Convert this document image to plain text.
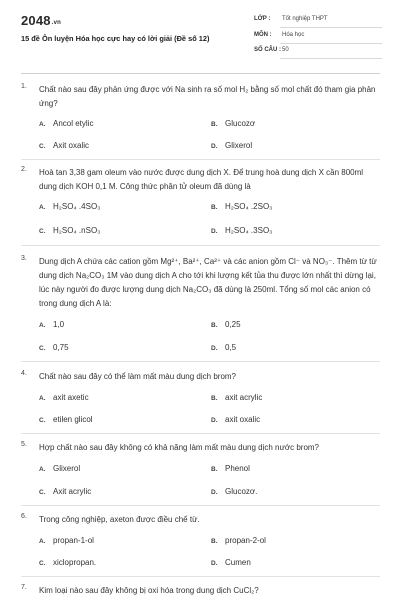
2048.vn
15 đề Ôn luyện Hóa học cực hay có lời giải (Đề số 12)
LỚP : Tốt nghiệp THPT
MÔN : Hóa học
SỐ CÂU : 50
1. Chất nào sau đây phản ứng được với Na sinh ra số mol H₂ bằng số mol chất đó tham gia phản ứng?
A. Ancol etylic	B. Glucozơ
C. Axit oxalic	D. Glixerol
2. Hoà tan 3,38 gam oleum vào nước được dung dịch X. Để trung hoà dung dịch X cần 800ml dung dịch KOH 0,1 M. Công thức phân tử oleum đã dùng là
A. H₂SO₄ .4SO₃	B. H₂SO₄ .2SO₃
C. H₂SO₄ .nSO₃	D. H₂SO₄ .3SO₃
3. Dung dịch A chứa các cation gồm Mg²⁺, Ba²⁺, Ca²⁺ và các anion gồm Cl⁻ và NO₃⁻. Thêm từ từ dung dịch Na₂CO₃ 1M vào dung dịch A cho tới khi lượng kết tủa thu được lớn nhất thì dừng lại, lúc này người đo được lượng dung dịch Na₂CO₃ đã dùng là 250ml. Tổng số mol các anion có trong dung dịch A là:
A. 1,0	B. 0,25
C. 0,75	D. 0,5
4. Chất nào sau đây có thể làm mất màu dung dịch brom?
A. axit axetic	B. axit acrylic
C. etilen glicol	D. axit oxalic
5. Hợp chất nào sau đây không có khả năng làm mất màu dung dịch nước brom?
A. Glixerol	B. Phenol
C. Axit acrylic	D. Glucozơ.
6. Trong công nghiệp, axeton được điều chế từ.
A. propan-1-ol	B. propan-2-ol
C. xiclopropan.	D. Cumen
7. Kim loại nào sau đây không bị oxi hóa trong dung dịch CuCl₂?
